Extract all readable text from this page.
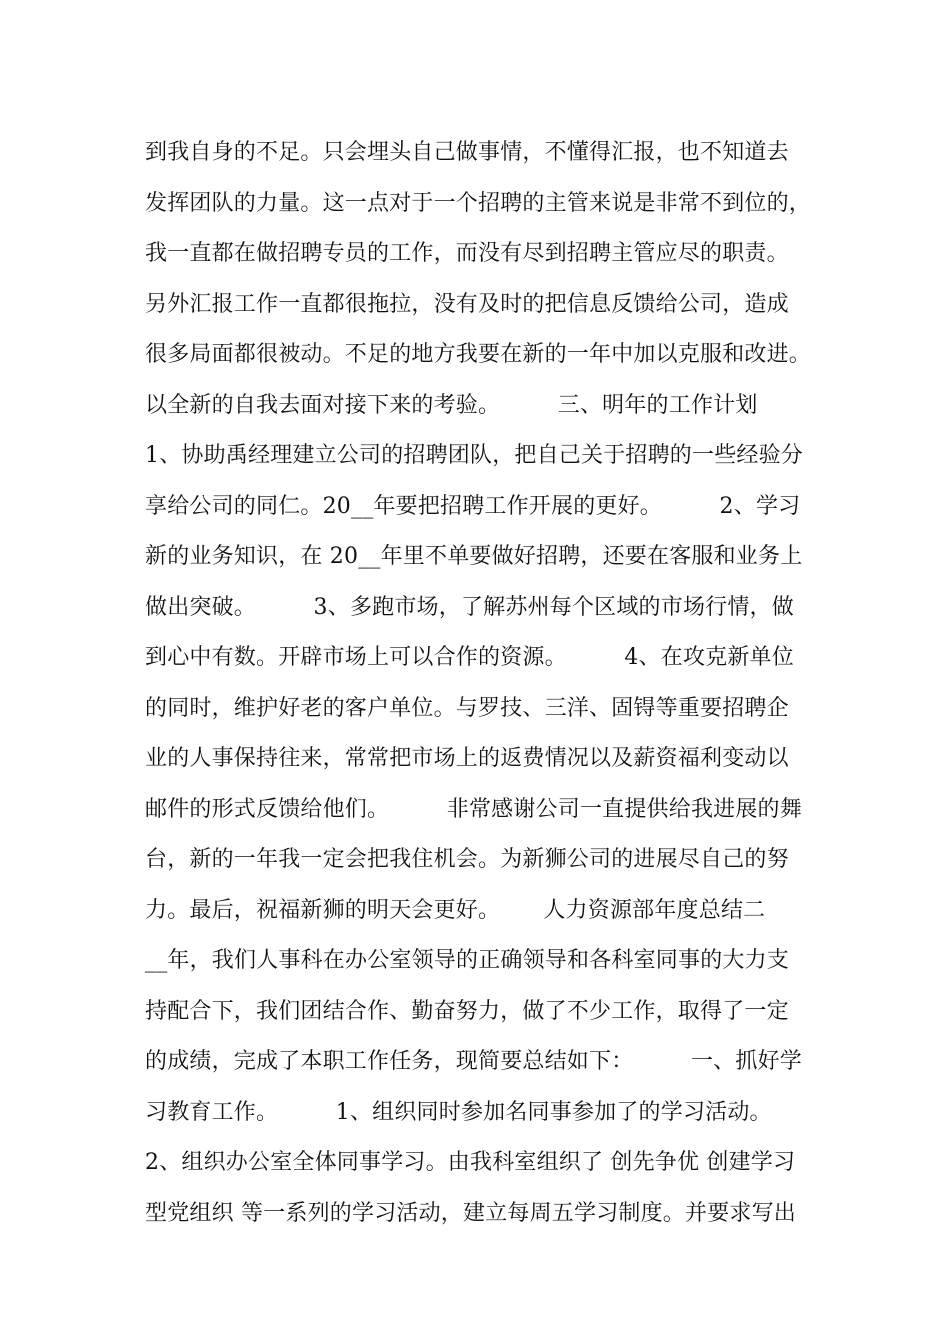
到我自身的不足。只会埋头自己做事情，不懂得汇报，也不知道去
发挥团队的力量。这一点对于一个招聘的主管来说是非常不到位的，
我一直都在做招聘专员的工作，而没有尽到招聘主管应尽的职责。
另外汇报工作一直都很拖拉，没有及时的把信息反馈给公司，造成
很多局面都很被动。不足的地方我要在新的一年中加以克服和改进。
以全新的自我去面对接下来的考验。        三、明年的工作计划
1、协助禹经理建立公司的招聘团队，把自己关于招聘的一些经验分
享给公司的同仁。20__年要把招聘工作开展的更好。        2、学习
新的业务知识，在 20__年里不单要做好招聘，还要在客服和业务上
做出突破。        3、多跑市场，了解苏州每个区域的市场行情，做
到心中有数。开辟市场上可以合作的资源。        4、在攻克新单位
的同时，维护好老的客户单位。与罗技、三洋、固锝等重要招聘企
业的人事保持往来，常常把市场上的返费情况以及薪资福利变动以
邮件的形式反馈给他们。        非常感谢公司一直提供给我进展的舞
台，新的一年我一定会把我住机会。为新狮公司的进展尽自己的努
力。最后，祝福新狮的明天会更好。      人力资源部年度总结二
__年，我们人事科在办公室领导的正确领导和各科室同事的大力支
持配合下，我们团结合作、勤奋努力，做了不少工作，取得了一定
的成绩，完成了本职工作任务，现简要总结如下：        一、抓好学
习教育工作。        1、组织同时参加名同事参加了的学习活动。
2、组织办公室全体同事学习。由我科室组织了 创先争优 创建学习
型党组织 等一系列的学习活动，建立每周五学习制度。并要求写出
